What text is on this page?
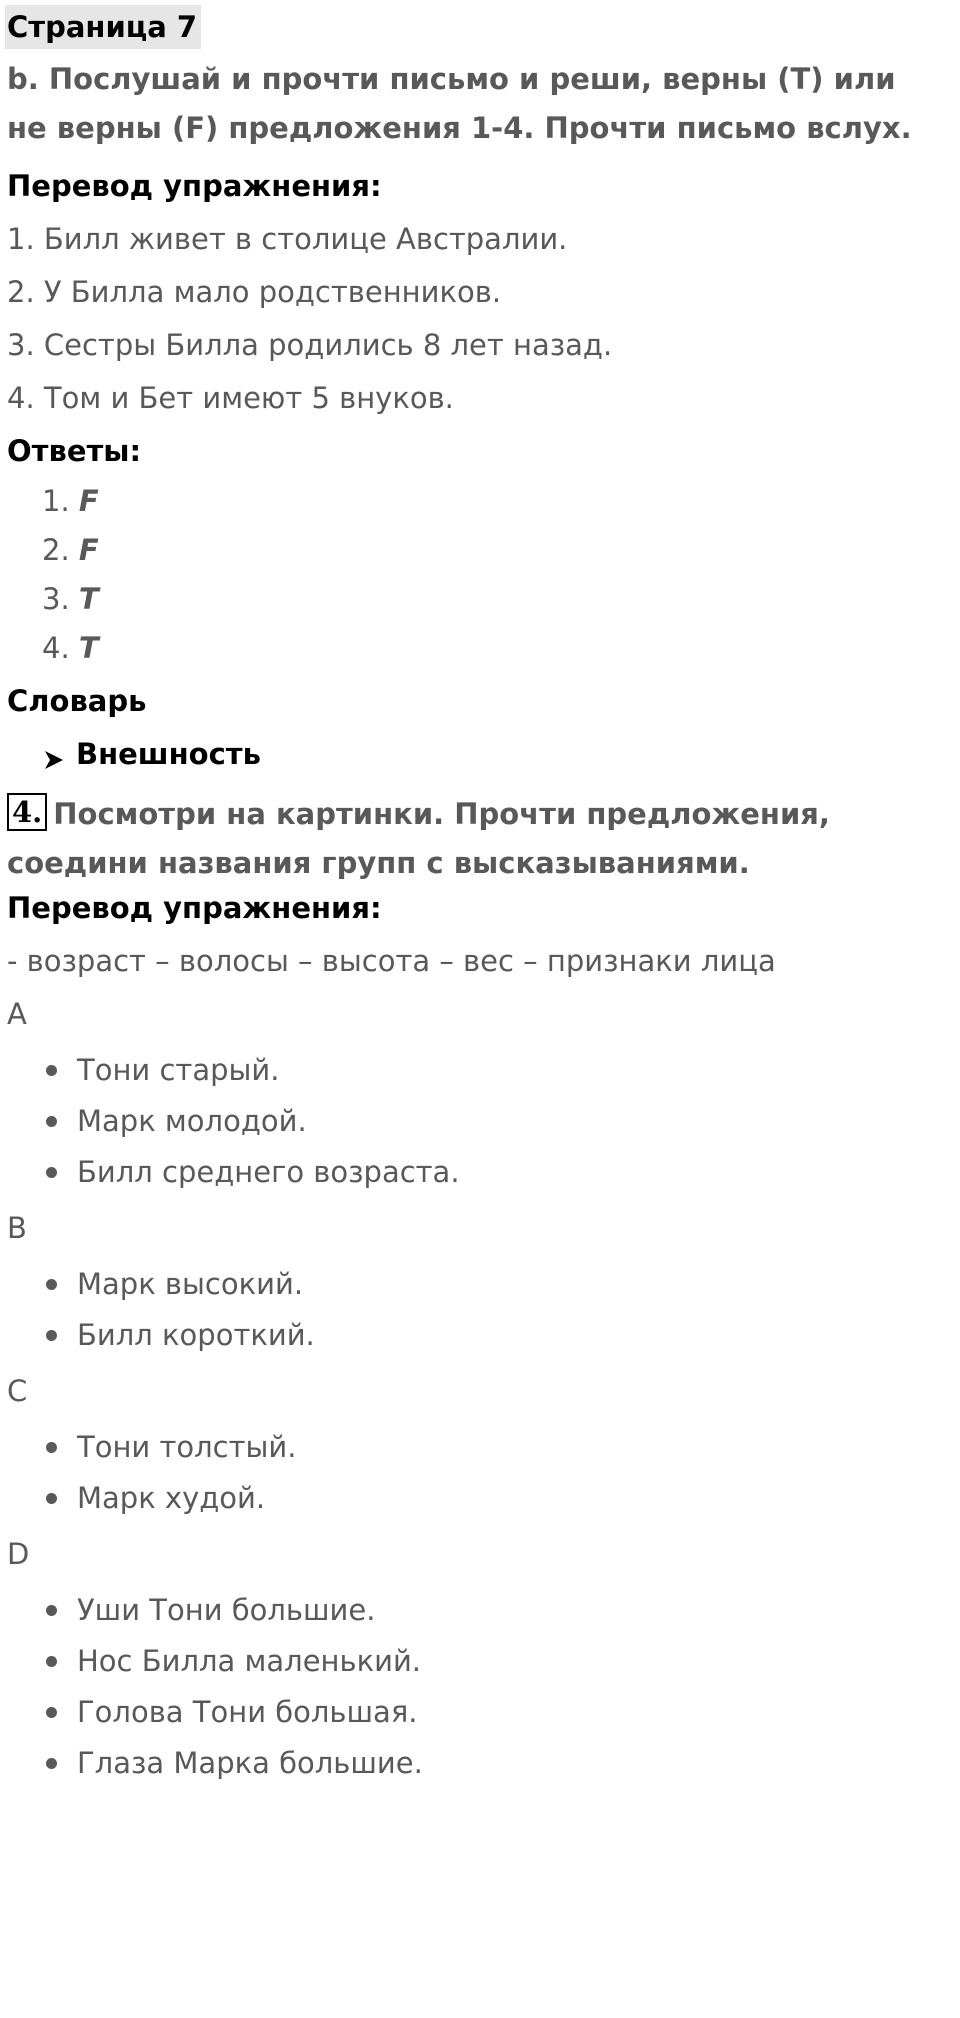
Страница 7
b. Послушай и прочти письмо и реши, верны (T) или не верны (F) предложения 1-4. Прочти письмо вслух.
Перевод упражнения:
1. Билл живет в столице Австралии.
2. У Билла мало родственников.
3. Сестры Билла родились 8 лет назад.
4. Том и Бет имеют 5 внуков.
Ответы:
1. F
2. F
3. T
4. T
Словарь
Внешность
4. Посмотри на картинки. Прочти предложения, соедини названия групп с высказываниями.
Перевод упражнения:
- возраст – волосы – высота – вес – признаки лица
A
Тони старый.
Марк молодой.
Билл среднего возраста.
B
Марк высокий.
Билл короткий.
C
Тони толстый.
Марк худой.
D
Уши Тони большие.
Нос Билла маленький.
Голова Тони большая.
Глаза Марка большие.
